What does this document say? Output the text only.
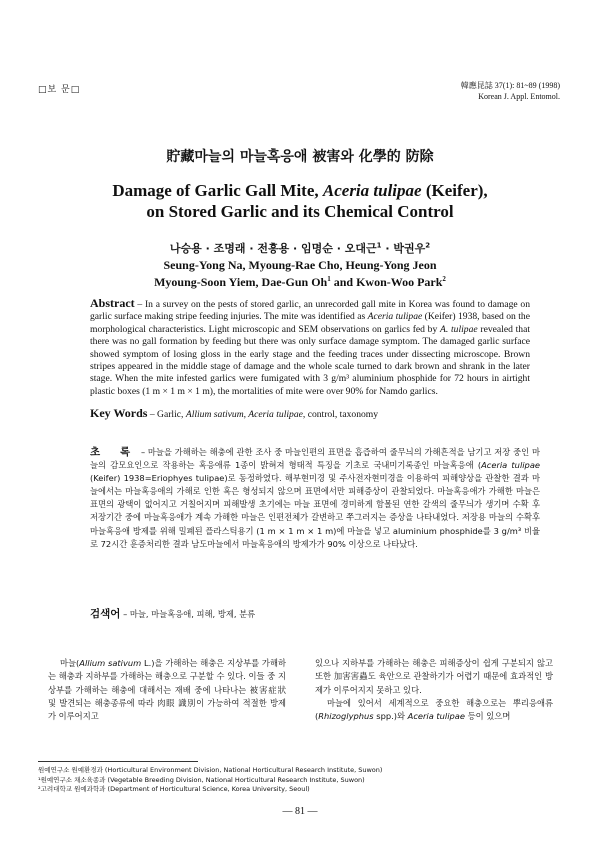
□보 문□	韓應昆誌 37(1): 81~89 (1998)
Korean J. Appl. Entomol.
貯藏마늘의 마늘혹응애 被害와 化學的 防除
Damage of Garlic Gall Mite, Aceria tulipae (Keifer),
on Stored Garlic and its Chemical Control
나승용 · 조명래 · 전흥용 · 임명순 · 오대근$^1$ · 박권우$^2$
Seung-Yong Na, Myoung-Rae Cho, Heung-Yong Jeon
Myoung-Soon Yiem, Dae-Gun Oh$^1$ and Kwon-Woo Park$^2$
Abstract – In a survey on the pests of stored garlic, an unrecorded gall mite in Korea was found to damage on garlic surface making stripe feeding injuries. The mite was identified as Aceria tulipae (Keifer) 1938, based on the morphological characteristics. Light microscopic and SEM observations on garlics fed by A. tulipae revealed that there was no gall formation by feeding but there was only surface damage symptom. The damaged garlic surface showed symptom of losing gloss in the early stage and the feeding traces under dissecting microscope. Brown stripes appeared in the middle stage of damage and the whole scale turned to dark brown and shrank in the later stage. When the mite infested garlics were fumigated with 3 g/m³ aluminium phosphide for 72 hours in airtight plastic boxes (1 m × 1 m × 1 m), the mortalities of mite were over 90% for Namdo garlics.
Key Words – Garlic, Allium sativum, Aceria tulipae, control, taxonomy
초 록 – 마늘을 가해하는 해충에 관한 조사 중 마늘인편의 표면을 흡즙하여 줄무늬의 가해흔적을 남기고 저장 중인 마늘의 감모요인으로 작용하는 혹응애류 1종이 밝혀져 형태적 특징을 기초로 국내미기록종인 마늘혹응애 (Aceria tulipae (Keifer) 1938=Eriophyes tulipae)로 동정하였다. 해부현미경 및 주사전자현미경을 이용하여 피해양상을 관찰한 결과 마늘에서는 마늘혹응애의 가해로 인한 혹은 형성되지 않으며 표면에서만 피해증상이 관찰되었다. 마늘혹응애가 가해한 마늘은 표면의 광택이 없어지고 거칠어지며 피해발생 초기에는 마늘 표면에 경미하게 함몰된 연한 갈색의 줄무늬가 생기며 수확 후 저장기간 중에 마늘혹응애가 계속 가해한 마늘은 인편전체가 갈변하고 쭈그러지는 증상을 나타내었다. 저장용 마늘의 수확후 마늘혹응애 방제를 위해 밀폐된 플라스틱용기 (1 m × 1 m × 1 m)에 마늘을 넣고 aluminium phosphide를 3 g/m³ 비율로 72시간 훈증처리한 결과 남도마늘에서 마늘혹응애의 방제가가 90% 이상으로 나타났다.
검색어 – 마늘, 마늘혹응애, 피해, 방제, 분류

마늘(Allium sativum L.)을 가해하는 해충은 지상부를 가해하는 해충과 지하부를 가해하는 해충으로 구분할 수 있다. 이들 중 지상부를 가해하는 해충에 대해서는 재배 중에 나타나는 被害症狀 및 발견되는 해충종류에 따라 肉眼 識別이 가능하여 적절한 방제가 이루어지고

있으나 지하부를 가해하는 해충은 피해증상이 쉽게 구분되지 않고 또한 加害害蟲도 육안으로 관찰하기가 어렵기 때문에 효과적인 방제가 이루어지지 못하고 있다.

마늘에 있어서 세계적으로 중요한 해충으로는 뿌리응애류(Rhizoglyphus spp.)와 Aceria tulipae 등이 있으며

원예연구소 원예환경과 (Horticultural Environment Division, National Horticultural Research Institute, Suwon)
¹원예연구소 채소육종과 (Vegetable Breeding Division, National Horticultural Research Institute, Suwon)
²고려대학교 원예과학과 (Department of Horticultural Science, Korea University, Seoul)
— 81 —
